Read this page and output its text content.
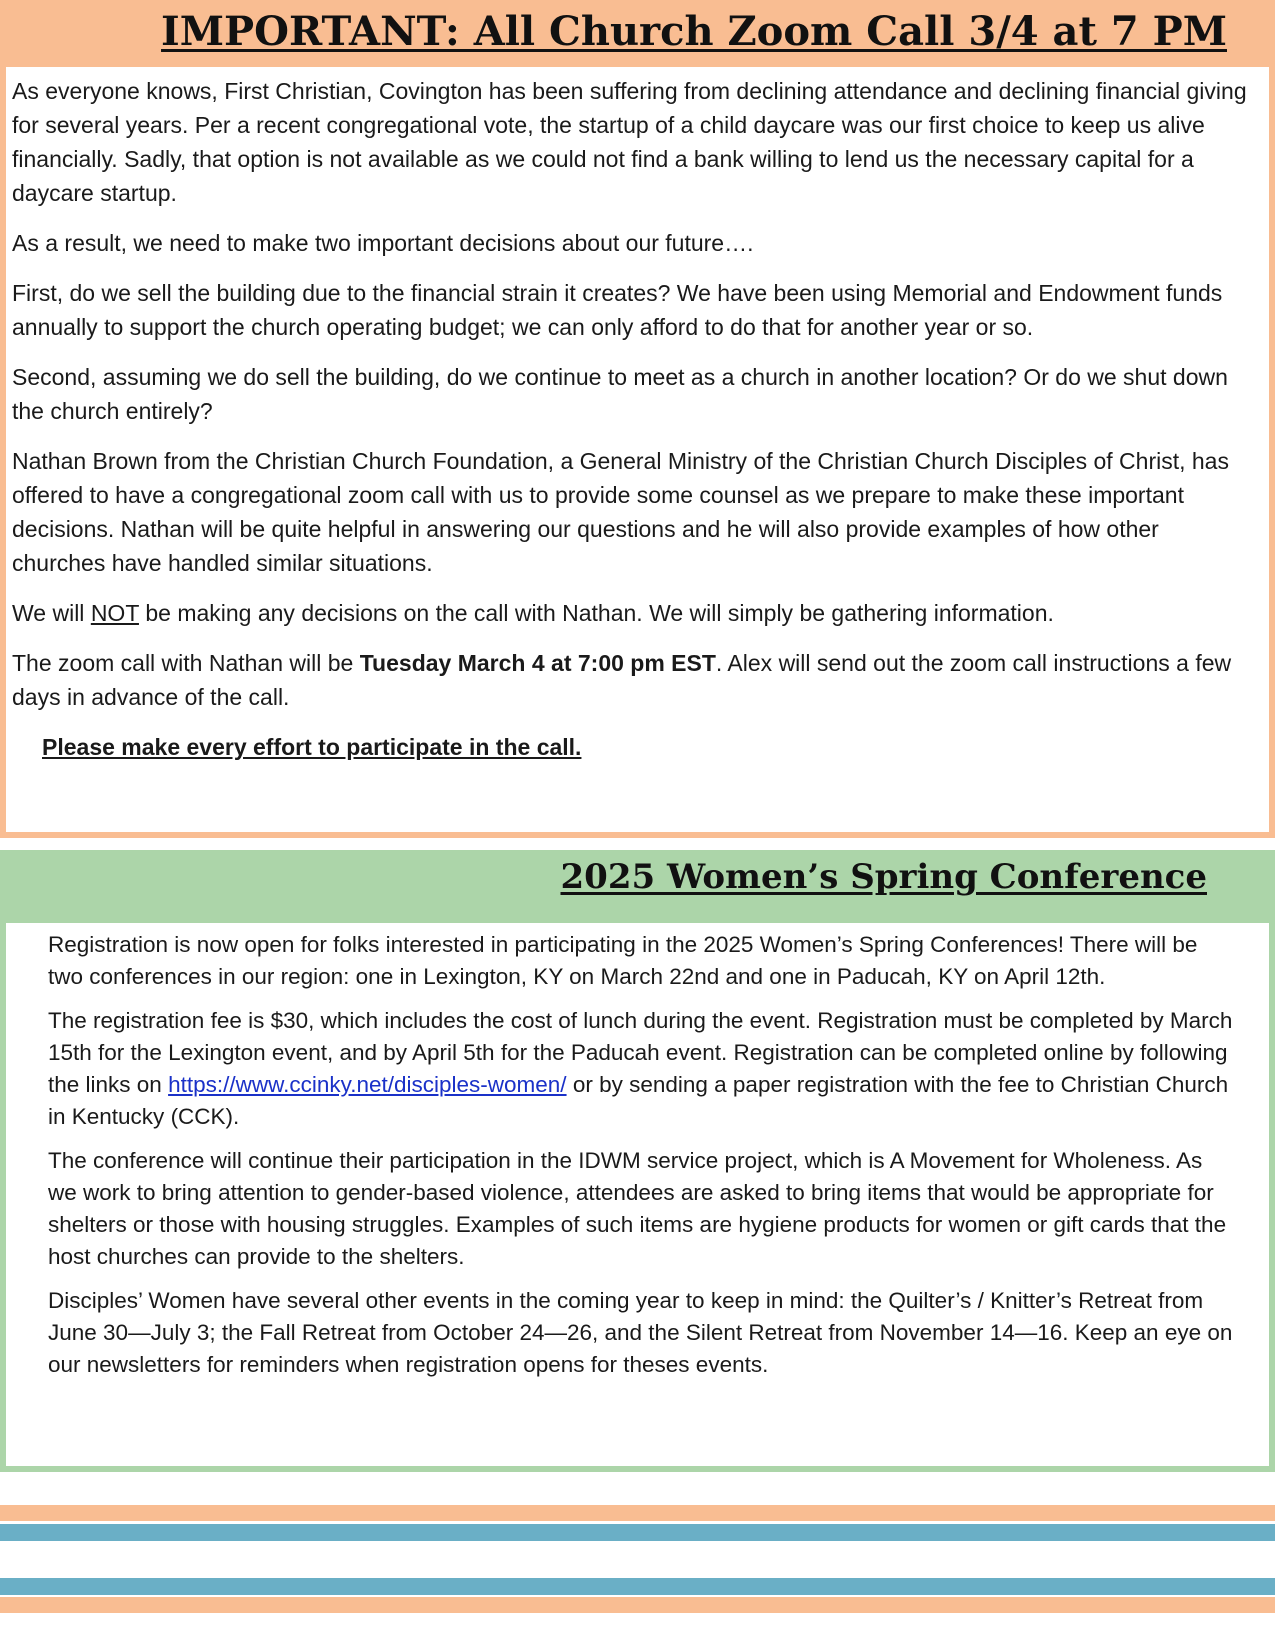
IMPORTANT: All Church Zoom Call 3/4 at 7 PM

As everyone knows, First Christian, Covington has been suffering from declining attendance and declining financial giving for several years. Per a recent congregational vote, the startup of a child daycare was our first choice to keep us alive financially. Sadly, that option is not available as we could not find a bank willing to lend us the necessary capital for a daycare startup.

As a result, we need to make two important decisions about our future….

First, do we sell the building due to the financial strain it creates? We have been using Memorial and Endowment funds annually to support the church operating budget; we can only afford to do that for another year or so.

Second, assuming we do sell the building, do we continue to meet as a church in another location? Or do we shut down the church entirely?

Nathan Brown from the Christian Church Foundation, a General Ministry of the Christian Church Disciples of Christ, has offered to have a congregational zoom call with us to provide some counsel as we prepare to make these important decisions. Nathan will be quite helpful in answering our questions and he will also provide examples of how other churches have handled similar situations.

We will NOT be making any decisions on the call with Nathan. We will simply be gathering information.

The zoom call with Nathan will be Tuesday March 4 at 7:00 pm EST. Alex will send out the zoom call instructions a few days in advance of the call.

Please make every effort to participate in the call.

2025 Women’s Spring Conference

Registration is now open for folks interested in participating in the 2025 Women’s Spring Conferences! There will be two conferences in our region: one in Lexington, KY on March 22nd and one in Paducah, KY on April 12th.

The registration fee is $30, which includes the cost of lunch during the event. Registration must be completed by March 15th for the Lexington event, and by April 5th for the Paducah event. Registration can be completed online by following the links on https://www.ccinky.net/disciples-women/ or by sending a paper registration with the fee to Christian Church in Kentucky (CCK).

The conference will continue their participation in the IDWM service project, which is A Movement for Wholeness. As we work to bring attention to gender-based violence, attendees are asked to bring items that would be appropriate for shelters or those with housing struggles. Examples of such items are hygiene products for women or gift cards that the host churches can provide to the shelters.

Disciples’ Women have several other events in the coming year to keep in mind: the Quilter’s / Knitter’s Retreat from June 30—July 3; the Fall Retreat from October 24—26, and the Silent Retreat from November 14—16. Keep an eye on our newsletters for reminders when registration opens for theses events.
